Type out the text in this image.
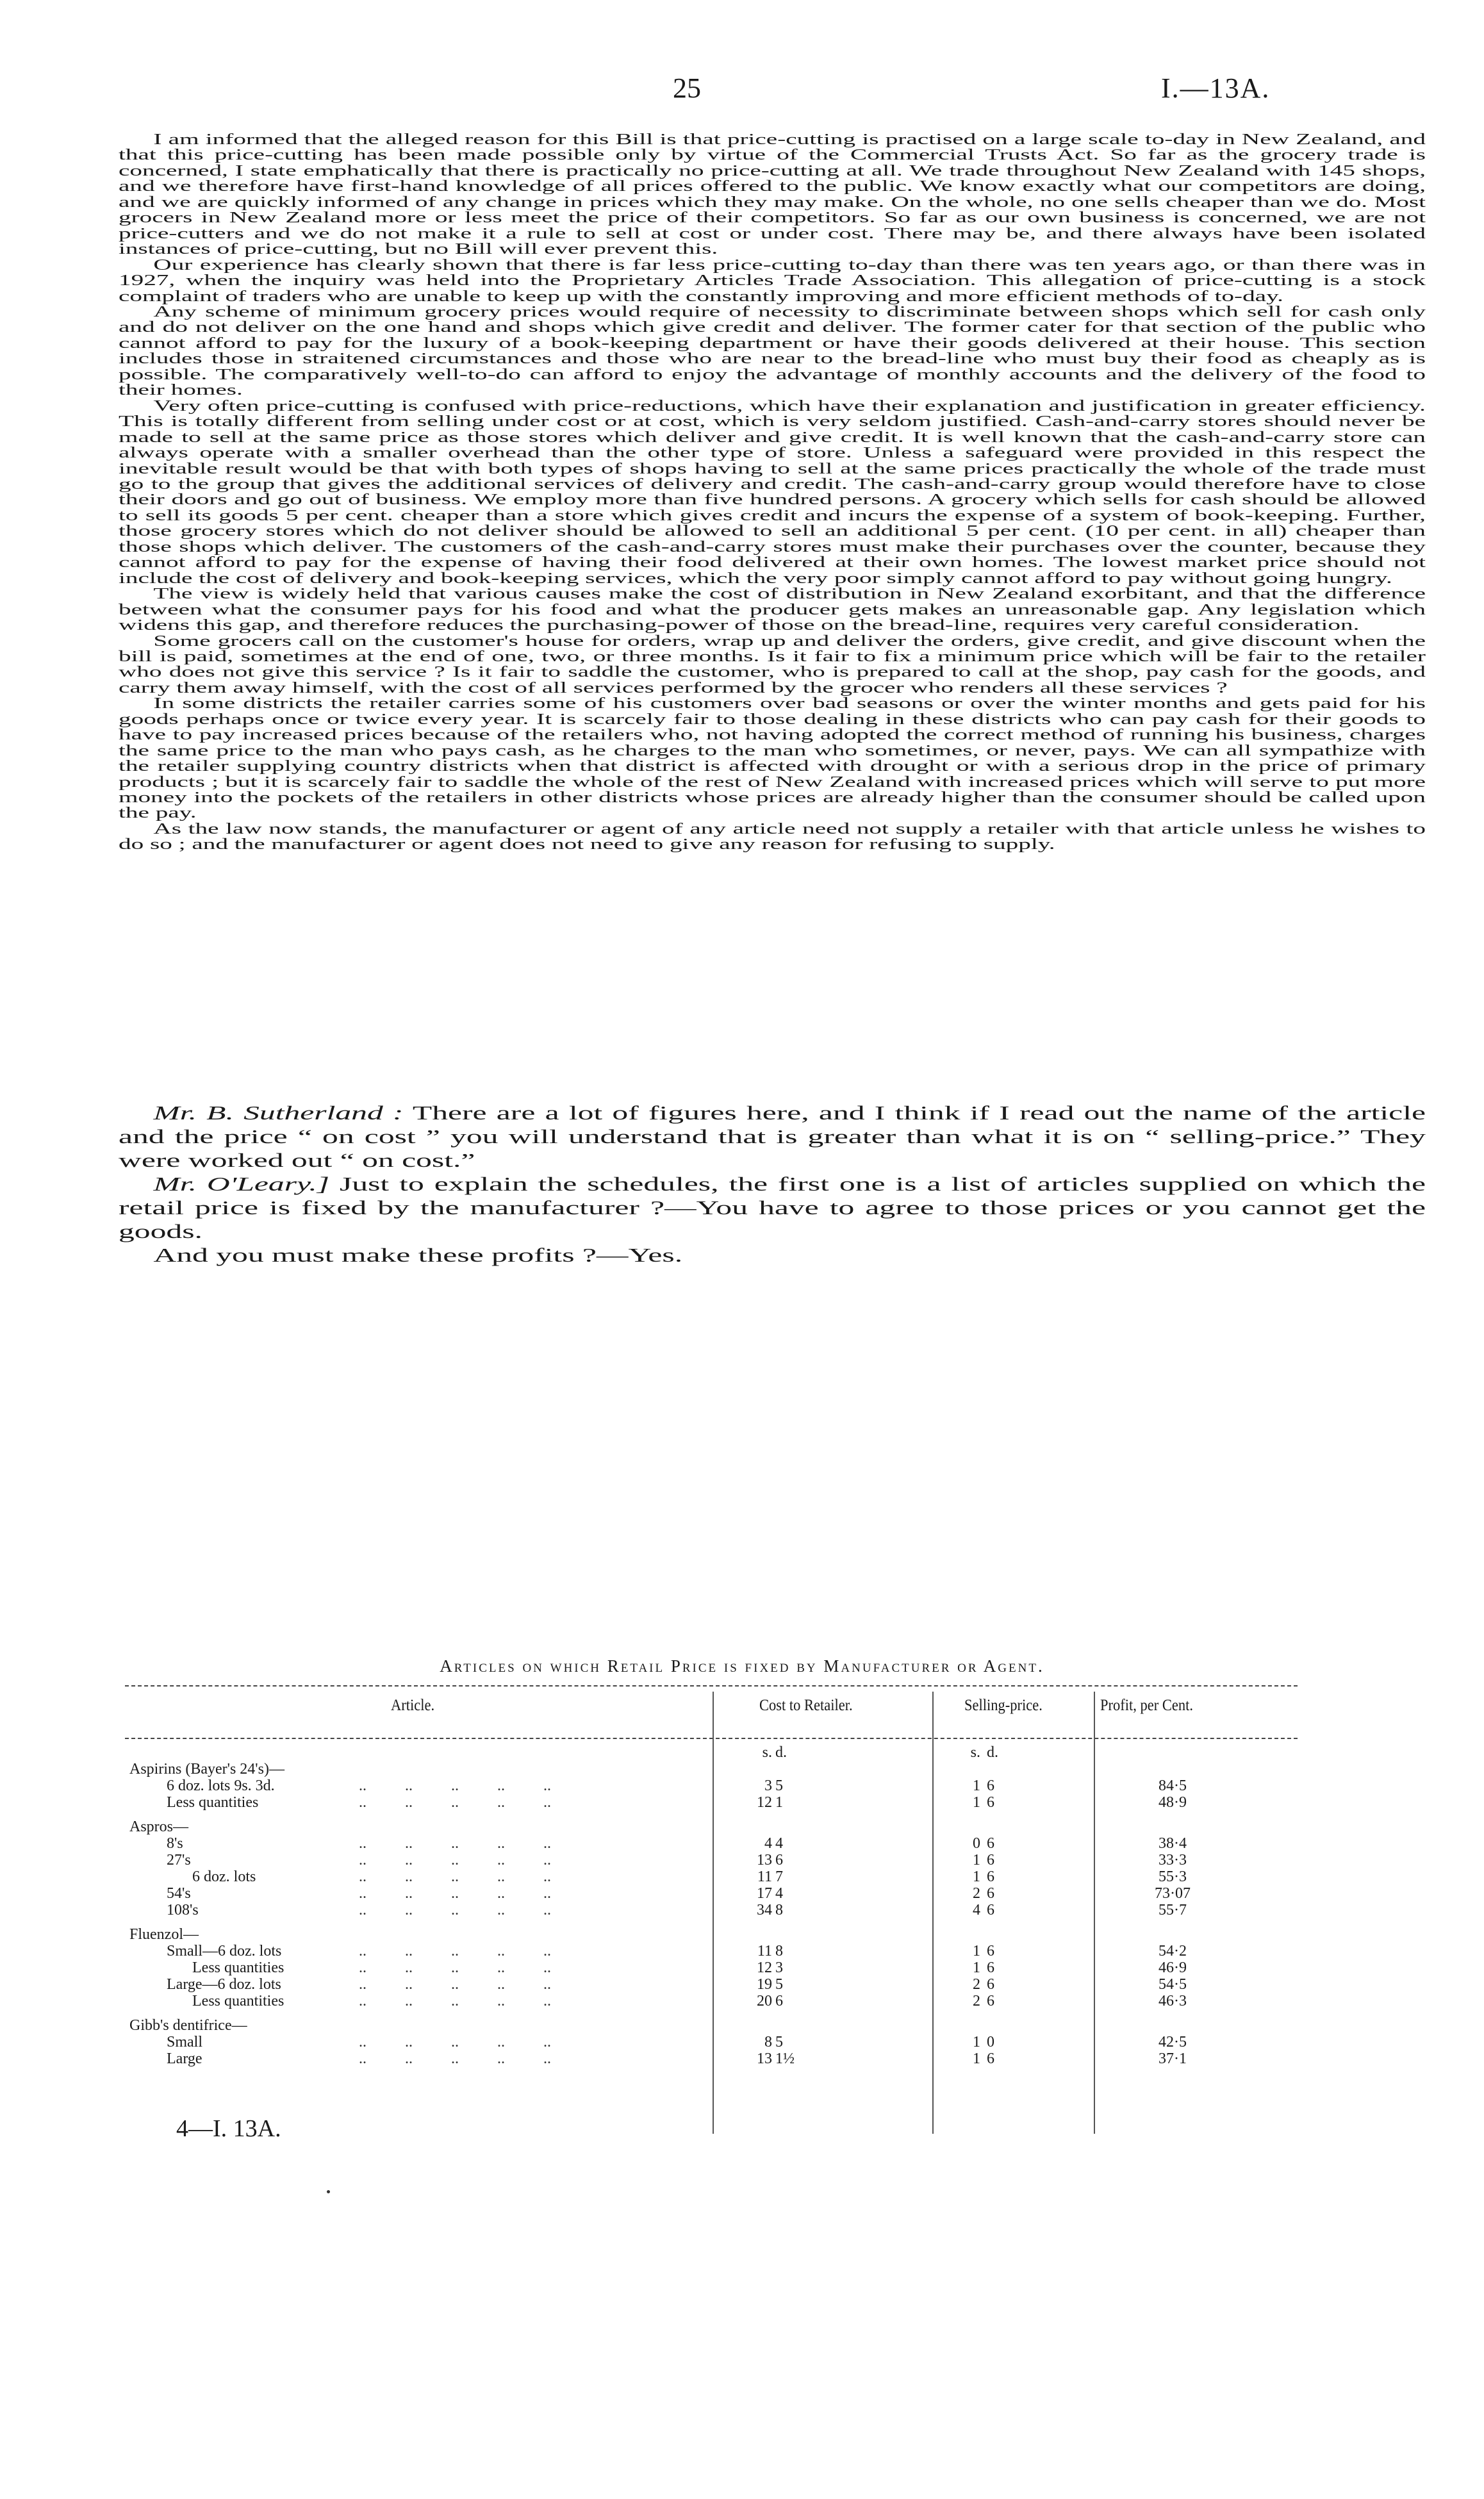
25	I.—13A.

I am informed that the alleged reason for this Bill is that price-cutting is practised on a large scale to-day in New Zealand, and that this price-cutting has been made possible only by virtue of the Commercial Trusts Act. So far as the grocery trade is concerned, I state emphatically that there is practically no price-cutting at all. We trade throughout New Zealand with 145 shops, and we therefore have first-hand knowledge of all prices offered to the public. We know exactly what our competitors are doing, and we are quickly informed of any change in prices which they may make. On the whole, no one sells cheaper than we do. Most grocers in New Zealand more or less meet the price of their competitors. So far as our own business is concerned, we are not price-cutters and we do not make it a rule to sell at cost or under cost. There may be, and there always have been isolated instances of price-cutting, but no Bill will ever prevent this.

Our experience has clearly shown that there is far less price-cutting to-day than there was ten years ago, or than there was in 1927, when the inquiry was held into the Proprietary Articles Trade Association. This allegation of price-cutting is a stock complaint of traders who are unable to keep up with the constantly improving and more efficient methods of to-day.

Any scheme of minimum grocery prices would require of necessity to discriminate between shops which sell for cash only and do not deliver on the one hand and shops which give credit and deliver. The former cater for that section of the public who cannot afford to pay for the luxury of a book-keeping department or have their goods delivered at their house. This section includes those in straitened circumstances and those who are near to the bread-line who must buy their food as cheaply as is possible. The comparatively well-to-do can afford to enjoy the advantage of monthly accounts and the delivery of the food to their homes.

Very often price-cutting is confused with price-reductions, which have their explanation and justification in greater efficiency. This is totally different from selling under cost or at cost, which is very seldom justified. Cash-and-carry stores should never be made to sell at the same price as those stores which deliver and give credit. It is well known that the cash-and-carry store can always operate with a smaller overhead than the other type of store. Unless a safeguard were provided in this respect the inevitable result would be that with both types of shops having to sell at the same prices practically the whole of the trade must go to the group that gives the additional services of delivery and credit. The cash-and-carry group would therefore have to close their doors and go out of business. We employ more than five hundred persons. A grocery which sells for cash should be allowed to sell its goods 5 per cent. cheaper than a store which gives credit and incurs the expense of a system of book-keeping. Further, those grocery stores which do not deliver should be allowed to sell an additional 5 per cent. (10 per cent. in all) cheaper than those shops which deliver. The customers of the cash-and-carry stores must make their purchases over the counter, because they cannot afford to pay for the expense of having their food delivered at their own homes. The lowest market price should not include the cost of delivery and book-keeping services, which the very poor simply cannot afford to pay without going hungry.

The view is widely held that various causes make the cost of distribution in New Zealand exorbitant, and that the difference between what the consumer pays for his food and what the producer gets makes an unreasonable gap. Any legislation which widens this gap, and therefore reduces the purchasing-power of those on the bread-line, requires very careful consideration.

Some grocers call on the customer's house for orders, wrap up and deliver the orders, give credit, and give discount when the bill is paid, sometimes at the end of one, two, or three months. Is it fair to fix a minimum price which will be fair to the retailer who does not give this service ? Is it fair to saddle the customer, who is prepared to call at the shop, pay cash for the goods, and carry them away himself, with the cost of all services performed by the grocer who renders all these services ?

In some districts the retailer carries some of his customers over bad seasons or over the winter months and gets paid for his goods perhaps once or twice every year. It is scarcely fair to those dealing in these districts who can pay cash for their goods to have to pay increased prices because of the retailers who, not having adopted the correct method of running his business, charges the same price to the man who pays cash, as he charges to the man who sometimes, or never, pays. We can all sympathize with the retailer supplying country districts when that district is affected with drought or with a serious drop in the price of primary products ; but it is scarcely fair to saddle the whole of the rest of New Zealand with increased prices which will serve to put more money into the pockets of the retailers in other districts whose prices are already higher than the consumer should be called upon the pay.

As the law now stands, the manufacturer or agent of any article need not supply a retailer with that article unless he wishes to do so ; and the manufacturer or agent does not need to give any reason for refusing to supply.

Mr. B. Sutherland : There are a lot of figures here, and I think if I read out the name of the article and the price “ on cost ” you will understand that is greater than what it is on “ selling-price.” They were worked out “ on cost.”

Mr. O'Leary.] Just to explain the schedules, the first one is a list of articles supplied on which the retail price is fixed by the manufacturer ?—You have to agree to those prices or you cannot get the goods.

And you must make these profits ?—Yes.

Articles on which Retail Price is fixed by Manufacturer or Agent.
Article.	Cost to Retailer.	Selling-price.	Profit, per Cent.
s. d.	s. d.
Aspirins (Bayer's 24's)—
6 doz. lots 9s. 3d.	..          ..          ..          ..          ..	3 5	1 6	84·5
Less quantities	..          ..          ..          ..          ..	12 1	1 6	48·9
Aspros—
8's	..          ..          ..          ..          ..	4 4	0 6	38·4
27's	..          ..          ..          ..          ..	13 6	1 6	33·3
6 doz. lots	..          ..          ..          ..          ..	11 7	1 6	55·3
54's	..          ..          ..          ..          ..	17 4	2 6	73·07
108's	..          ..          ..          ..          ..	34 8	4 6	55·7
Fluenzol—
Small—6 doz. lots	..          ..          ..          ..          ..	11 8	1 6	54·2
Less quantities	..          ..          ..          ..          ..	12 3	1 6	46·9
Large—6 doz. lots	..          ..          ..          ..          ..	19 5	2 6	54·5
Less quantities	..          ..          ..          ..          ..	20 6	2 6	46·3
Gibb's dentifrice—
Small	..          ..          ..          ..          ..	8 5	1 0	42·5
Large	..          ..          ..          ..          ..	13 1½	1 6	37·1
4—I. 13A.
